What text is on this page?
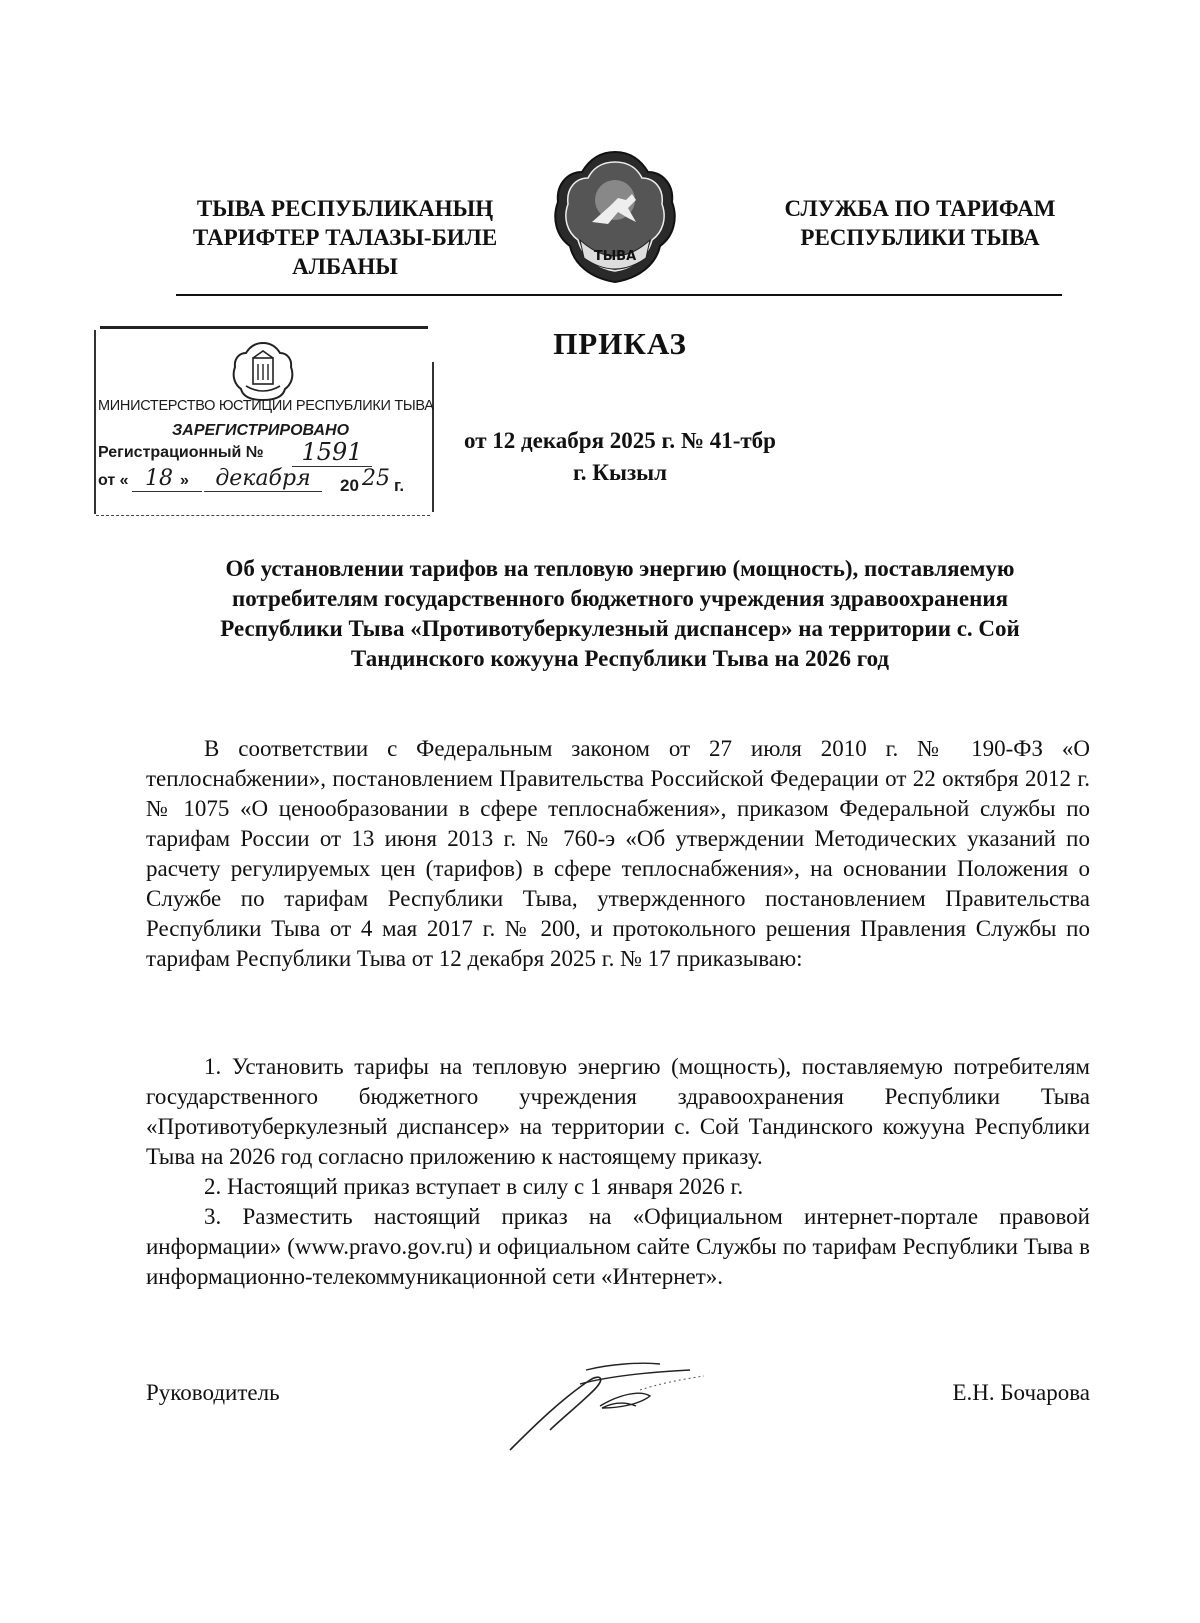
ТЫВА РЕСПУБЛИКАНЫҢ
ТАРИФТЕР ТАЛАЗЫ-БИЛЕ
АЛБАНЫ	ТЫВА
СЛУЖБА ПО ТАРИФАМ
РЕСПУБЛИКИ ТЫВА
ПРИКАЗ
МИНИСТЕРСТВО ЮСТИЦИИ РЕСПУБЛИКИ ТЫВА
ЗАРЕГИСТРИРОВАНО
Регистрационный №	1591
от « 18 »	декабря	20 25 г.
от 12 декабря 2025 г. № 41-тбр
г. Кызыл
Об установлении тарифов на тепловую энергию (мощность), поставляемую
потребителям государственного бюджетного учреждения здравоохранения
Республики Тыва «Противотуберкулезный диспансер» на территории с. Сой
Тандинского кожууна Республики Тыва на 2026 год

В соответствии с Федеральным законом от 27 июля 2010 г. № 190-ФЗ «О теплоснабжении», постановлением Правительства Российской Федерации от 22 октября 2012 г. № 1075 «О ценообразовании в сфере теплоснабжения», приказом Федеральной службы по тарифам России от 13 июня 2013 г. № 760-э «Об утверждении Методических указаний по расчету регулируемых цен (тарифов) в сфере теплоснабжения», на основании Положения о Службе по тарифам Республики Тыва, утвержденного постановлением Правительства Республики Тыва от 4 мая 2017 г. № 200, и протокольного решения Правления Службы по тарифам Республики Тыва от 12 декабря 2025 г. № 17 приказываю:

1. Установить тарифы на тепловую энергию (мощность), поставляемую потребителям государственного бюджетного учреждения здравоохранения Республики Тыва «Противотуберкулезный диспансер» на территории с. Сой Тандинского кожууна Республики Тыва на 2026 год согласно приложению к настоящему приказу.

2. Настоящий приказ вступает в силу с 1 января 2026 г.

3. Разместить настоящий приказ на «Официальном интернет-портале правовой информации» (www.pravo.gov.ru) и официальном сайте Службы по тарифам Республики Тыва в информационно-телекоммуникационной сети «Интернет».

Руководитель	Е.Н. Бочарова
